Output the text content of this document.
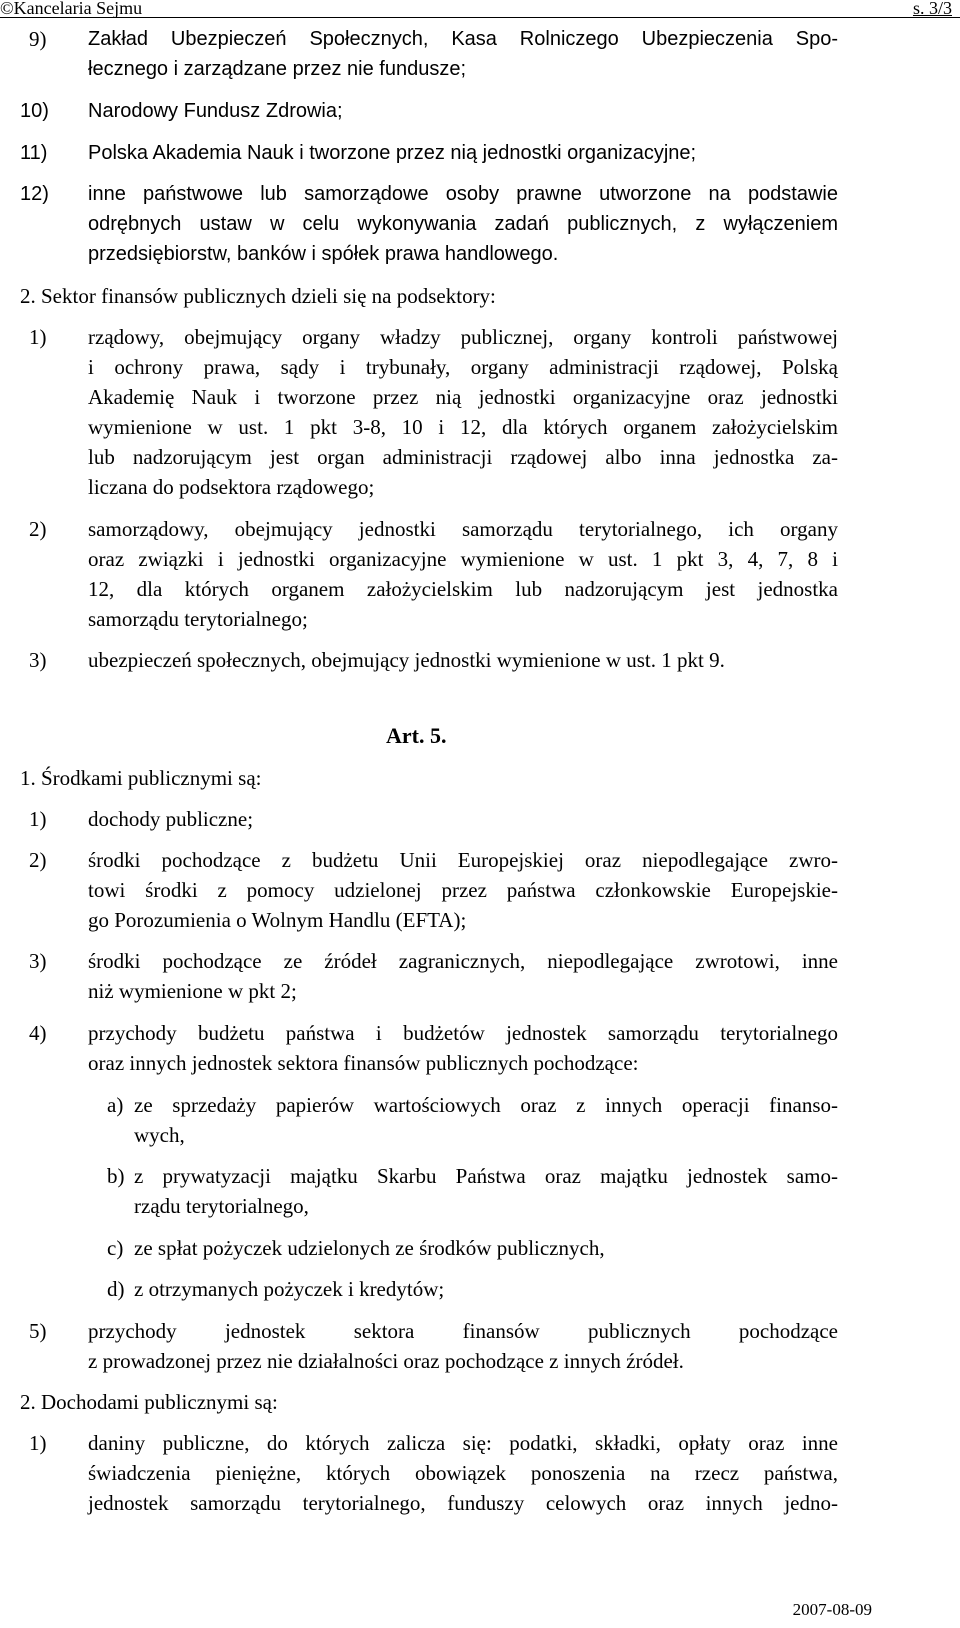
©Kancelaria Sejmu	s. 3/3
9) Zakład Ubezpieczeń Społecznych, Kasa Rolniczego Ubezpieczenia Spo-
łecznego i zarządzane przez nie fundusze;
10) Narodowy Fundusz Zdrowia;
11) Polska Akademia Nauk i tworzone przez nią jednostki organizacyjne;
12) inne państwowe lub samorządowe osoby prawne utworzone na podstawie
odrębnych ustaw w celu wykonywania zadań publicznych, z wyłączeniem
przedsiębiorstw, banków i spółek prawa handlowego.
2. Sektor finansów publicznych dzieli się na podsektory:
1) rządowy, obejmujący organy władzy publicznej, organy kontroli państwowej
i ochrony prawa, sądy i trybunały, organy administracji rządowej, Polską
Akademię Nauk i tworzone przez nią jednostki organizacyjne oraz jednostki
wymienione w ust. 1 pkt 3-8, 10 i 12, dla których organem założycielskim
lub nadzorującym jest organ administracji rządowej albo inna jednostka za-
liczana do podsektora rządowego;
2) samorządowy, obejmujący jednostki samorządu terytorialnego, ich organy
oraz związki i jednostki organizacyjne wymienione w ust. 1 pkt 3, 4, 7, 8 i
12, dla których organem założycielskim lub nadzorującym jest jednostka
samorządu terytorialnego;
3) ubezpieczeń społecznych, obejmujący jednostki wymienione w ust. 1 pkt 9.
Art. 5.
1. Środkami publicznymi są:
1) dochody publiczne;
2) środki pochodzące z budżetu Unii Europejskiej oraz niepodlegające zwro-
towi środki z pomocy udzielonej przez państwa członkowskie Europejskie-
go Porozumienia o Wolnym Handlu (EFTA);
3) środki pochodzące ze źródeł zagranicznych, niepodlegające zwrotowi, inne
niż wymienione w pkt 2;
4) przychody budżetu państwa i budżetów jednostek samorządu terytorialnego
oraz innych jednostek sektora finansów publicznych pochodzące:
a) ze sprzedaży papierów wartościowych oraz z innych operacji finanso-
wych,
b) z prywatyzacji majątku Skarbu Państwa oraz majątku jednostek samo-
rządu terytorialnego,
c) ze spłat pożyczek udzielonych ze środków publicznych,
d) z otrzymanych pożyczek i kredytów;
5) przychody jednostek sektora finansów publicznych pochodzące
z prowadzonej przez nie działalności oraz pochodzące z innych źródeł.
2. Dochodami publicznymi są:
1) daniny publiczne, do których zalicza się: podatki, składki, opłaty oraz inne
świadczenia pieniężne, których obowiązek ponoszenia na rzecz państwa,
jednostek samorządu terytorialnego, funduszy celowych oraz innych jedno-
2007-08-09
